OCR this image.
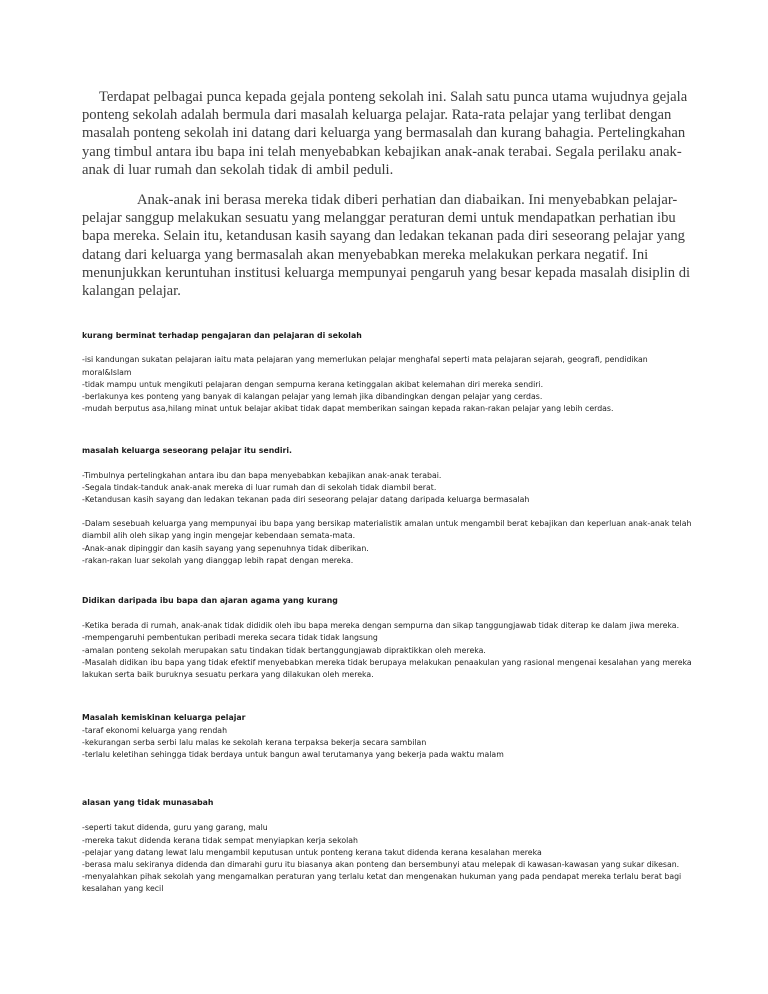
Terdapat pelbagai punca kepada gejala ponteng sekolah ini. Salah satu punca utama wujudnya gejala ponteng sekolah adalah bermula dari masalah keluarga pelajar. Rata-rata pelajar yang terlibat dengan masalah ponteng sekolah ini datang dari keluarga yang bermasalah dan kurang bahagia. Pertelingkahan yang timbul antara ibu bapa ini telah menyebabkan kebajikan anak-anak terabai. Segala perilaku anak-anak di luar rumah dan sekolah tidak di ambil peduli.

Anak-anak ini berasa mereka tidak diberi perhatian dan diabaikan. Ini menyebabkan pelajar-pelajar sanggup melakukan sesuatu yang melanggar peraturan demi untuk mendapatkan perhatian ibu bapa mereka. Selain itu, ketandusan kasih sayang dan ledakan tekanan pada diri seseorang pelajar yang datang dari keluarga yang bermasalah akan menyebabkan mereka melakukan perkara negatif. Ini menunjukkan keruntuhan institusi keluarga mempunyai pengaruh yang besar kepada masalah disiplin di kalangan pelajar.

kurang berminat terhadap pengajaran dan pelajaran di sekolah

-isi kandungan sukatan pelajaran iaitu mata pelajaran yang memerlukan pelajar menghafal seperti mata pelajaran sejarah, geografi, pendidikan moral&Islam

-tidak mampu untuk mengikuti pelajaran dengan sempurna kerana ketinggalan akibat kelemahan diri mereka sendiri.

-berlakunya kes ponteng yang banyak di kalangan pelajar yang lemah jika dibandingkan dengan pelajar yang cerdas.

-mudah berputus asa,hilang minat untuk belajar akibat tidak dapat memberikan saingan kepada rakan-rakan pelajar yang lebih cerdas.

masalah keluarga seseorang pelajar itu sendiri.

-Timbulnya pertelingkahan antara ibu dan bapa menyebabkan kebajikan anak-anak terabai.

-Segala tindak-tanduk anak-anak mereka di luar rumah dan di sekolah tidak diambil berat.

-Ketandusan kasih sayang dan ledakan tekanan pada diri seseorang pelajar datang daripada keluarga bermasalah

-Dalam sesebuah keluarga yang mempunyai ibu bapa yang bersikap materialistik amalan untuk mengambil berat kebajikan dan keperluan anak-anak telah diambil alih oleh sikap yang ingin mengejar kebendaan semata-mata.

-Anak-anak dipinggir dan kasih sayang yang sepenuhnya tidak diberikan.

-rakan-rakan luar sekolah yang dianggap lebih rapat dengan mereka.

Didikan daripada ibu bapa dan ajaran agama yang kurang

-Ketika berada di rumah, anak-anak tidak dididik oleh ibu bapa mereka dengan sempurna dan sikap tanggungjawab tidak diterap ke dalam jiwa mereka.

-mempengaruhi pembentukan peribadi mereka secara tidak tidak langsung

-amalan ponteng sekolah merupakan satu tindakan tidak bertanggungjawab dipraktikkan oleh mereka.

-Masalah didikan ibu bapa yang tidak efektif menyebabkan mereka tidak berupaya melakukan penaakulan yang rasional mengenai kesalahan yang mereka lakukan serta baik buruknya sesuatu perkara yang dilakukan oleh mereka.

Masalah kemiskinan keluarga pelajar

-taraf ekonomi keluarga yang rendah

-kekurangan serba serbi lalu malas ke sekolah kerana terpaksa bekerja secara sambilan

-terlalu keletihan sehingga tidak berdaya untuk bangun awal terutamanya yang bekerja pada waktu malam

alasan yang tidak munasabah

-seperti takut didenda, guru yang garang, malu

-mereka takut didenda kerana tidak sempat menyiapkan kerja sekolah

-pelajar yang datang lewat lalu mengambil keputusan untuk ponteng kerana takut didenda kerana kesalahan mereka

-berasa malu sekiranya didenda dan dimarahi guru itu biasanya akan ponteng dan bersembunyi atau melepak di kawasan-kawasan yang sukar dikesan.

-menyalahkan pihak sekolah yang mengamalkan peraturan yang terlalu ketat dan mengenakan hukuman yang pada pendapat mereka terlalu berat bagi kesalahan yang kecil
